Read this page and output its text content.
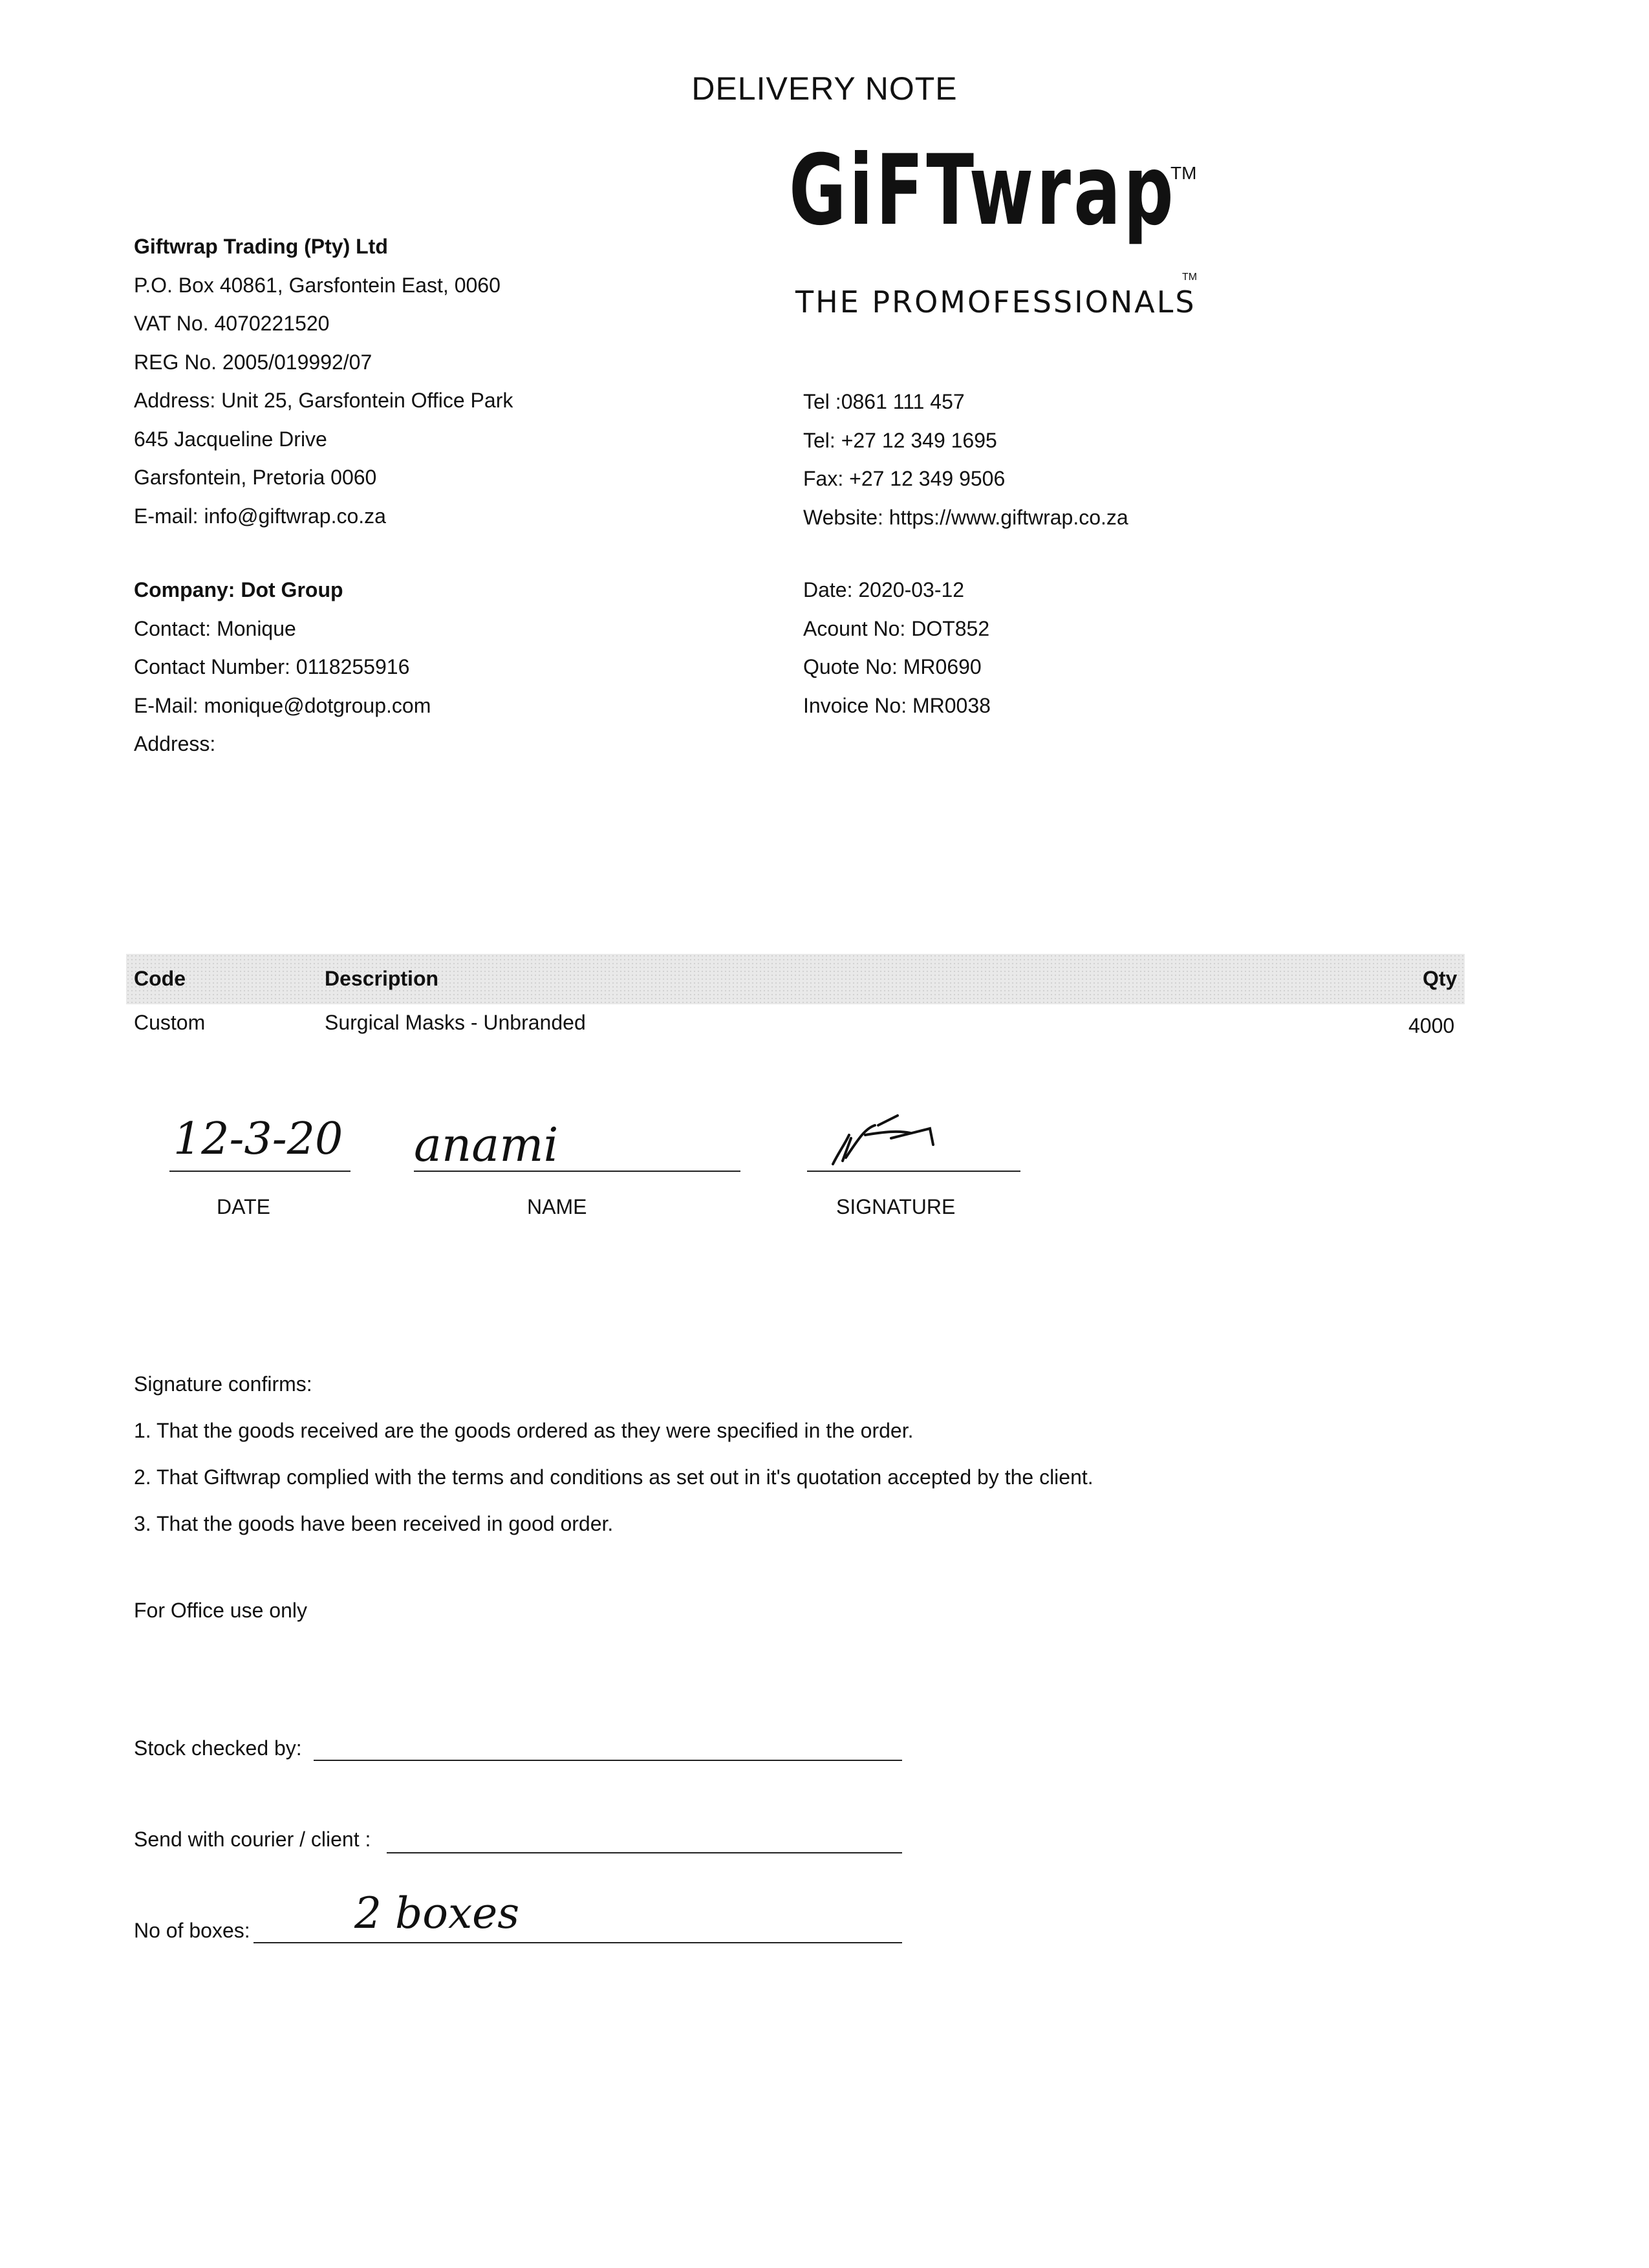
DELIVERY NOTE
GiFTwrap
TM
THE PROMOFESSIONALS
TM
Giftwrap Trading (Pty) Ltd
P.O. Box 40861, Garsfontein East, 0060
VAT No. 4070221520
REG No. 2005/019992/07
Address: Unit 25, Garsfontein Office Park
645 Jacqueline Drive
Garsfontein, Pretoria 0060
E-mail: info@giftwrap.co.za
Tel :0861 111 457
Tel: +27 12 349 1695
Fax: +27 12 349 9506
Website: https://www.giftwrap.co.za
Company: Dot Group
Contact: Monique
Contact Number: 0118255916
E-Mail: monique@dotgroup.com
Address:
Date: 2020-03-12
Acount No: DOT852
Quote No: MR0690
Invoice No: MR0038
Code	Description	Qty
Custom	Surgical Masks - Unbranded	4000
12-3-20 anami
DATE	NAME	SIGNATURE
Signature confirms:
1. That the goods received are the goods ordered as they were specified in the order.
2. That Giftwrap complied with the terms and conditions as set out in it's quotation accepted by the client.
3. That the goods have been received in good order.
For Office use only
Stock checked by:
Send with courier / client :
No of boxes: 2 boxes
